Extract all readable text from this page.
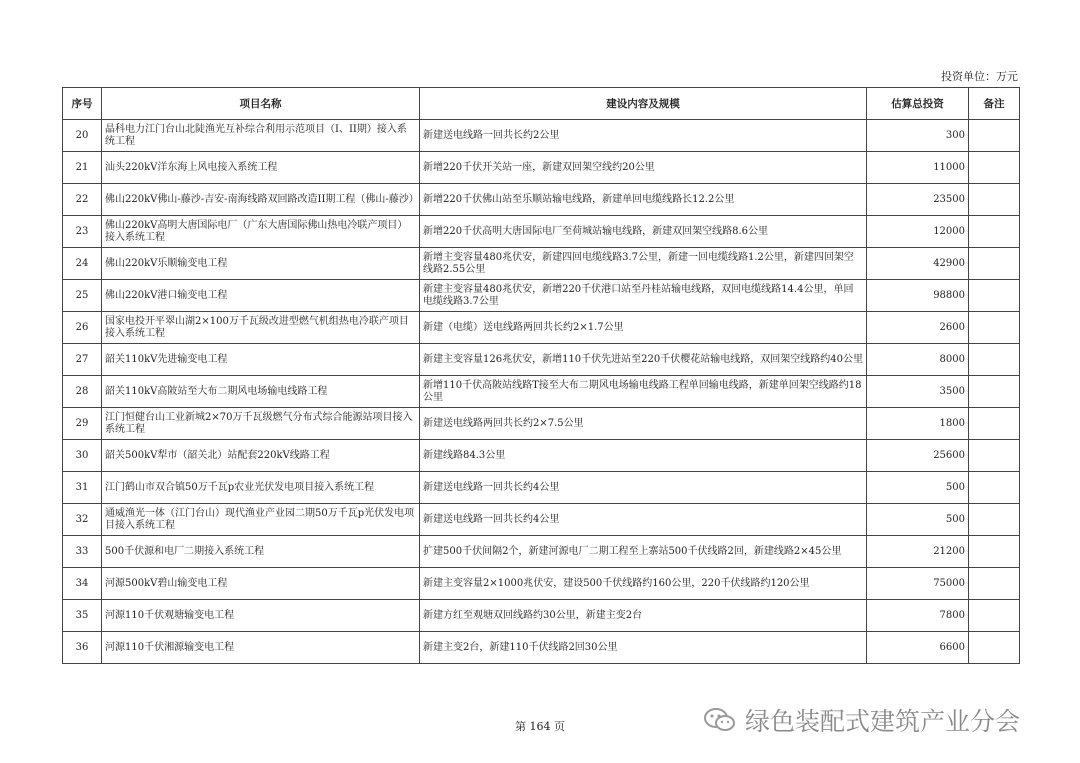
投资单位：万元
序号	项目名称	建设内容及规模	估算总投资	备注
20	晶科电力江门台山北陡渔光互补综合利用示范项目（I、II期）接入系统工程	新建送电线路一回共长约2公里	300	
21	汕头220kV洋东海上风电接入系统工程	新增220千伏开关站一座，新建双回架空线约20公里	11000	
22	佛山220kV佛山-藤沙-吉安-南海线路双回路改造II期工程（佛山-藤沙）	新增220千伏佛山站至乐顺站输电线路，新建单回电缆线路长12.2公里	23500	
23	佛山220kV高明大唐国际电厂（广东大唐国际佛山热电冷联产项目）接入系统工程	新增220千伏高明大唐国际电厂至荷城站输电线路，新建双回架空线路8.6公里	12000	
24	佛山220kV乐顺输变电工程	新增主变容量480兆伏安，新建四回电缆线路3.7公里，新建一回电缆线路1.2公里，新建四回架空线路2.55公里	42900	
25	佛山220kV港口输变电工程	新建主变容量480兆伏安，新增220千伏港口站至丹桂站输电线路，双回电缆线路14.4公里，单回电缆线路3.7公里	98800	
26	国家电投开平翠山湖2×100万千瓦级改进型燃气机组热电冷联产项目接入系统工程	新建（电缆）送电线路两回共长约2×1.7公里	2600	
27	韶关110kV先进输变电工程	新建主变容量126兆伏安，新增110千伏先进站至220千伏樱花站输电线路，双回架空线路约40公里	8000	
28	韶关110kV高陂站至大布二期风电场输电线路工程	新增110千伏高陂站线路T接至大布二期风电场输电线路工程单回输电线路，新建单回架空线路约18公里	3500	
29	江门恒健台山工业新城2×70万千瓦级燃气分布式综合能源站项目接入系统工程	新建送电线路两回共长约2×7.5公里	1800	
30	韶关500kV犁市（韶关北）站配套220kV线路工程	新建线路84.3公里	25600	
31	江门鹤山市双合镇50万千瓦p农业光伏发电项目接入系统工程	新建送电线路一回共长约4公里	500	
32	通威渔光一体（江门台山）现代渔业产业园二期50万千瓦p光伏发电项目接入系统工程	新建送电线路一回共长约4公里	500	
33	500千伏源和电厂二期接入系统工程	扩建500千伏间隔2个，新建河源电厂二期工程至上寨站500千伏线路2回，新建线路2×45公里	21200	
34	河源500kV碧山输变电工程	新建主变容量2×1000兆伏安，建设500千伏线路约160公里，220千伏线路约120公里	75000	
35	河源110千伏观塘输变电工程	新建方红至观塘双回线路约30公里，新建主变2台	7800	
36	河源110千伏湘源输变电工程	新建主变2台，新建110千伏线路2回30公里	6600	
第 164 页	绿色装配式建筑产业分会
